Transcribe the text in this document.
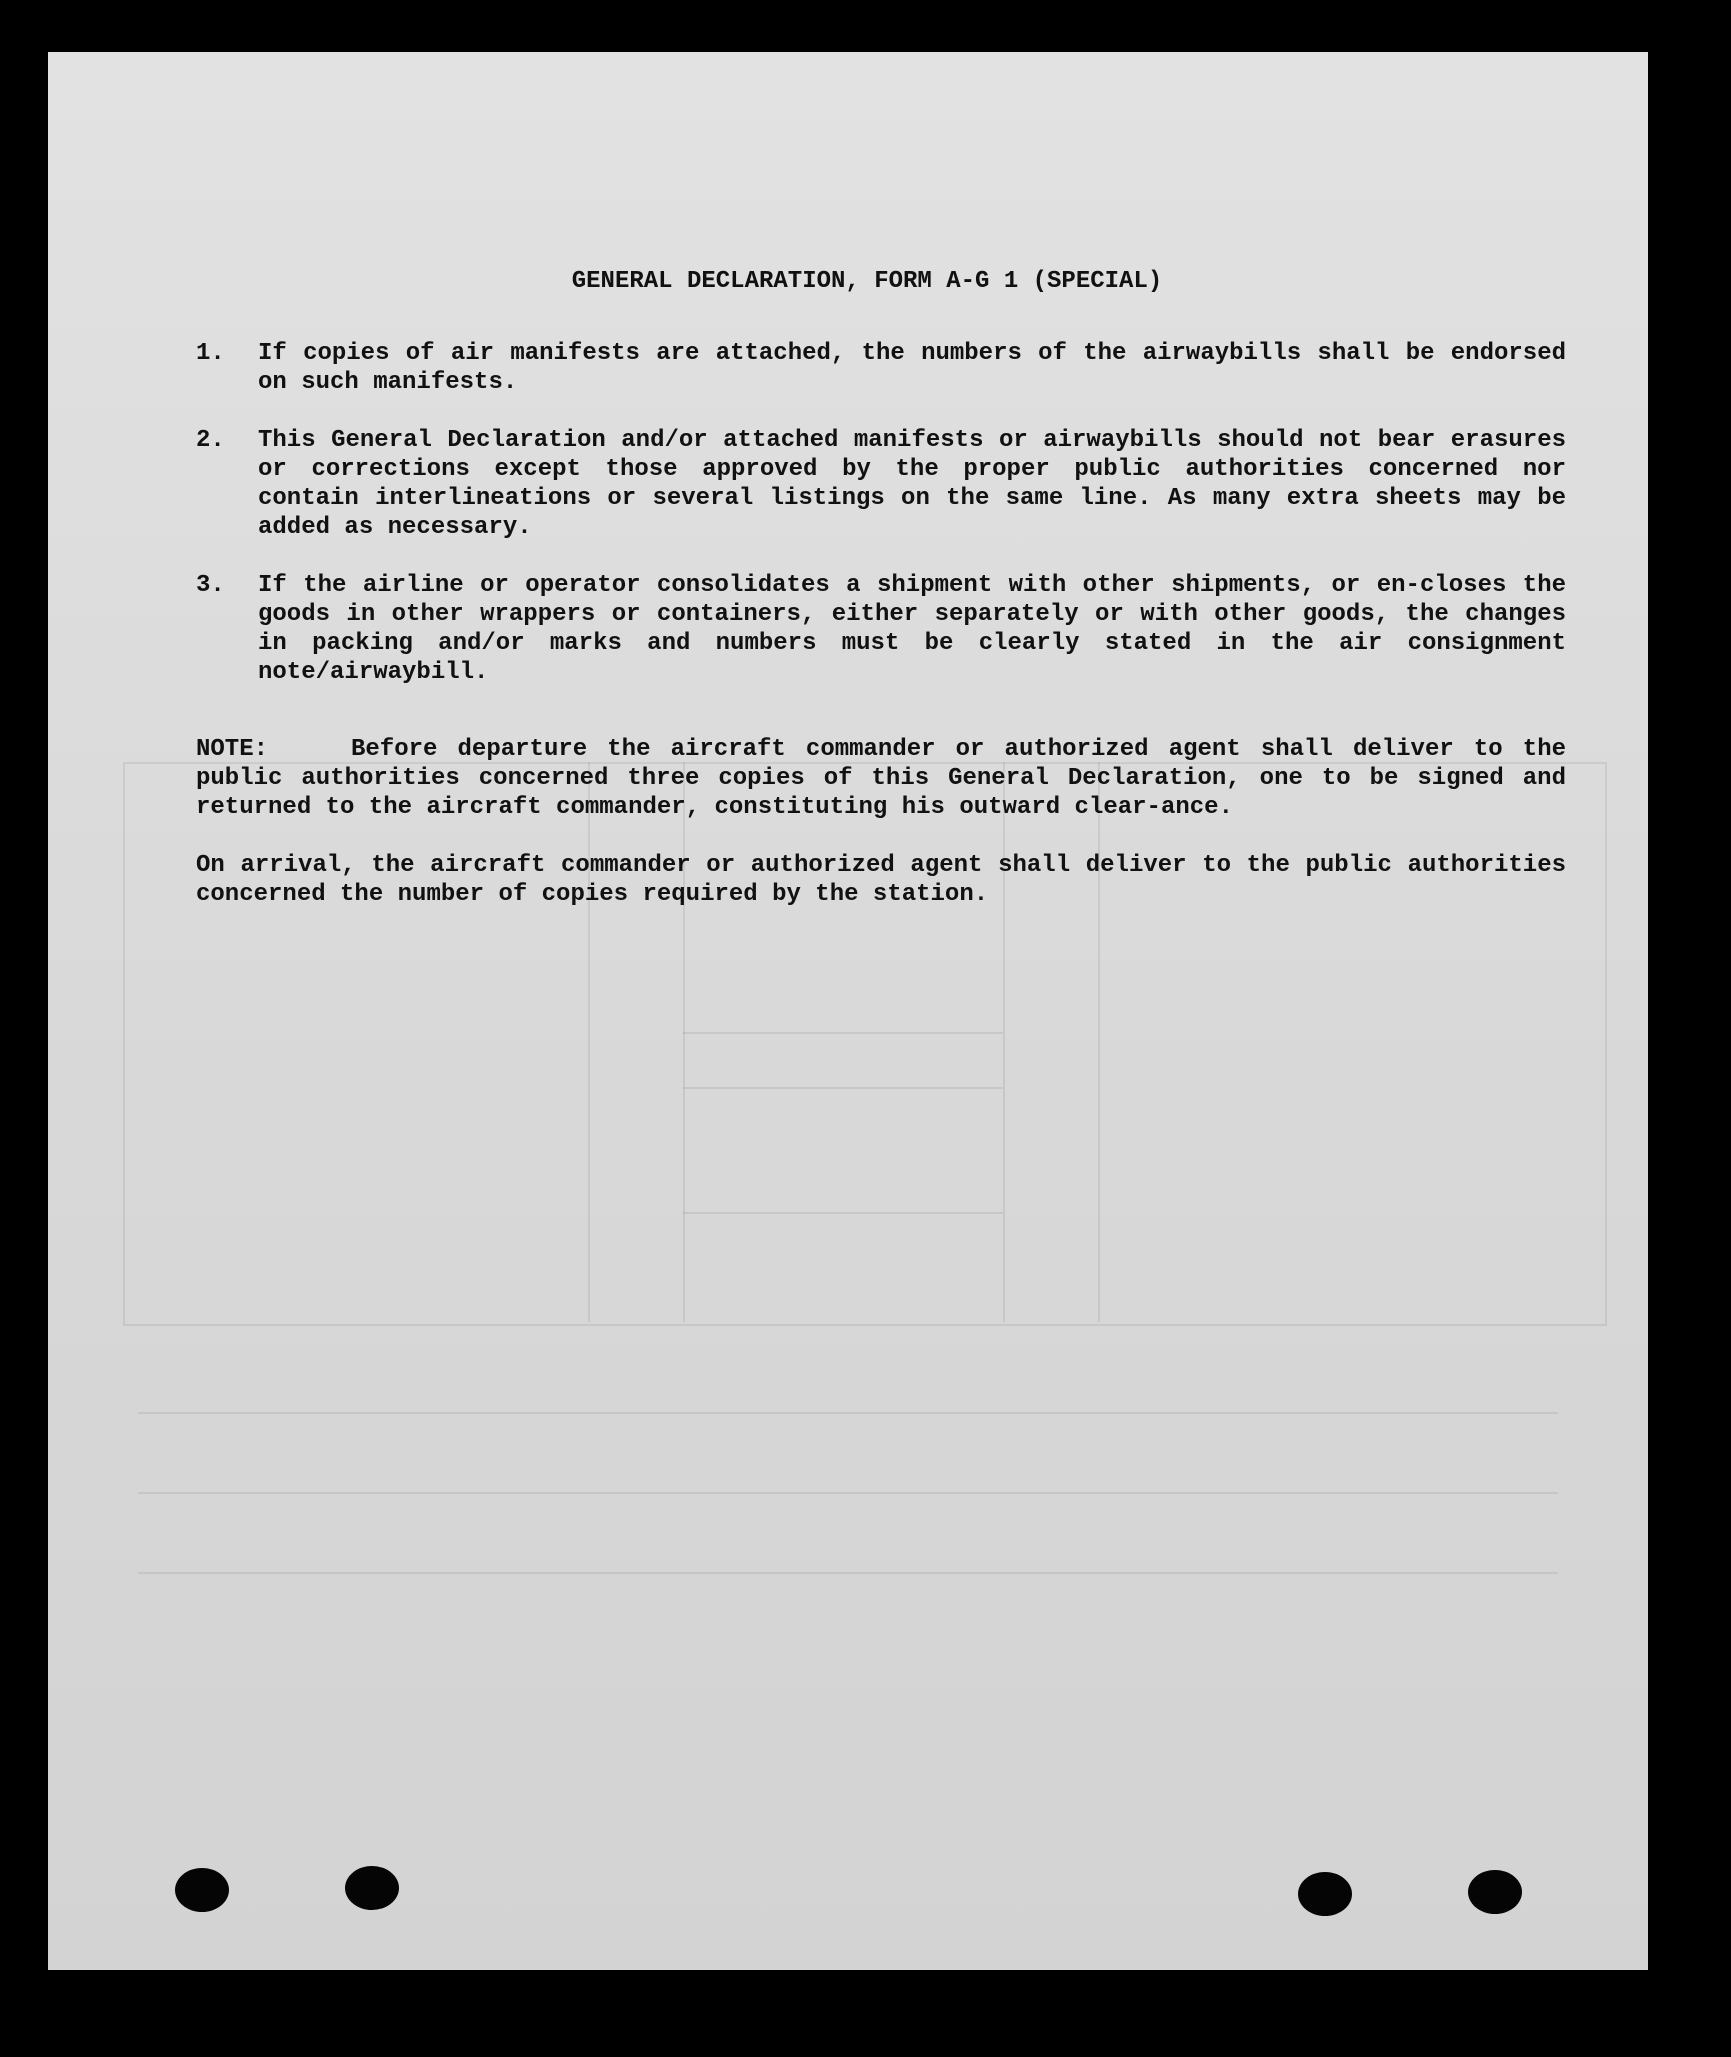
GENERAL DECLARATION, FORM A-G 1 (SPECIAL)
1.	If copies of air manifests are attached, the numbers of the airwaybills shall be endorsed on such manifests.
2.	This General Declaration and/or attached manifests or airwaybills should not bear erasures or corrections except those approved by the proper public authorities concerned nor contain interlineations or several listings on the same line. As many extra sheets may be added as necessary.
3.	If the airline or operator consolidates a shipment with other shipments, or en-closes the goods in other wrappers or containers, either separately or with other goods, the changes in packing and/or marks and numbers must be clearly stated in the air consignment note/airwaybill.
NOTE:	Before departure the aircraft commander or authorized agent shall deliver to the public authorities concerned three copies of this General Declaration, one to be signed and returned to the aircraft commander, constituting his outward clear-ance.
On arrival, the aircraft commander or authorized agent shall deliver to the public authorities concerned the number of copies required by the station.
